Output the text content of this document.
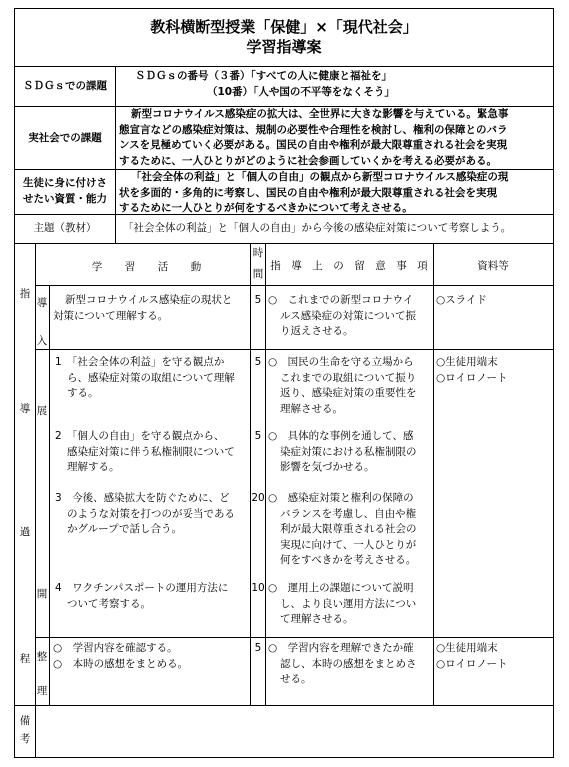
教科横断型授業「保健」×「現代社会」
学習指導案
ＳＤＧｓでの課題
ＳＤＧｓの番号（３番）「すべての人に健康と福祉を」
（10番）「人や国の不平等をなくそう」
実社会での課題
新型コロナウイルス感染症の拡大は、全世界に大きな影響を与えている。緊急事
態宣言などの感染症対策は、規制の必要性や合理性を検討し、権利の保障とのバラ
ンスを見極めていく必要がある。国民の自由や権利が最大限尊重される社会を実現
するために、一人ひとりがどのように社会参画していくかを考える必要がある。
生徒に身に付けさ
せたい資質・能力
「社会全体の利益」と「個人の自由」の観点から新型コロナウイルス感染症の現
状を多面的・多角的に考察し、国民の自由や権利が最大限尊重される社会を実現
するために一人ひとりが何をするべきかについて考えさせる。
主題（教材）	「社会全体の利益」と「個人の自由」から今後の感染症対策について考察しよう。
指
学　習　活　動
時
間
指　導　上　の　留　意　事　項	資料等
導
過
程
導
入
新型コロナウイルス感染症の現状と
対策について理解する。
5 ○　これまでの新型コロナウイ
ルス感染症の対策について振
り返えさせる。
○スライド
展
開
1　「社会全体の利益」を守る観点か
ら、感染症対策の取組について理解
する。
5 ○　国民の生命を守る立場から
これまでの取組について振り
返り、感染症対策の重要性を
理解させる。
○生徒用端末
○ロイロノート
2　「個人の自由」を守る観点から、
感染症対策に伴う私権制限について
理解する。
5 ○　具体的な事例を通して、感
染症対策における私権制限の
影響を気づかせる。
3　今後、感染拡大を防ぐために、ど
のような対策を打つのが妥当である
かグループで話し合う。
20 ○　感染症対策と権利の保障の
バランスを考慮し、自由や権
利が最大限尊重される社会の
実現に向けて、一人ひとりが
何をすべきかを考えさせる。
4　ワクチンパスポートの運用方法に
ついて考察する。
10 ○　運用上の課題について説明
し、より良い運用方法につい
て理解させる。
整
理
○　学習内容を確認する。
○　本時の感想をまとめる。
5 ○　学習内容を理解できたか確
認し、本時の感想をまとめさ
せる。
○生徒用端末
○ロイロノート
備
考
